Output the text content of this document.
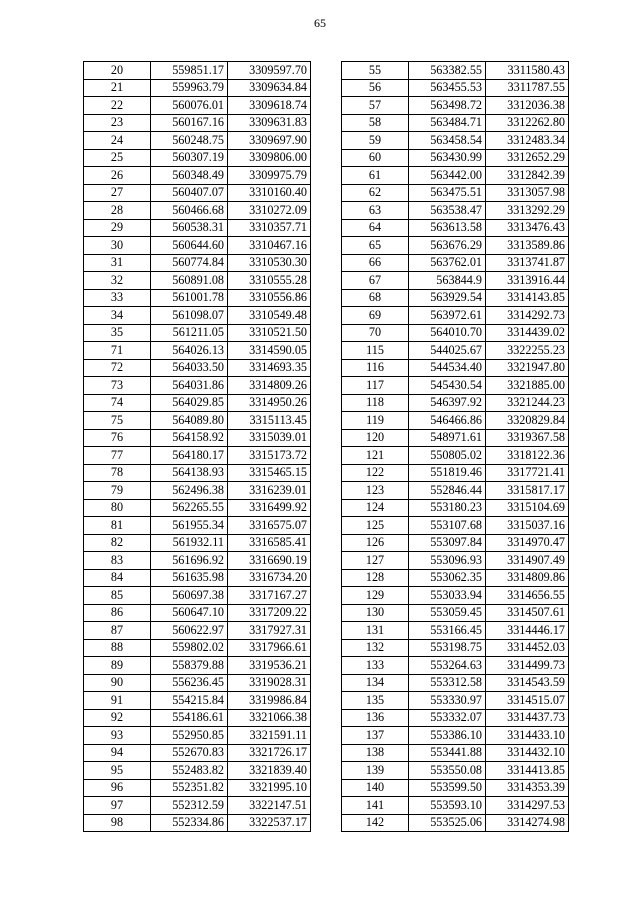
65
20	559851.17	3309597.70
21	559963.79	3309634.84
22	560076.01	3309618.74
23	560167.16	3309631.83
24	560248.75	3309697.90
25	560307.19	3309806.00
26	560348.49	3309975.79
27	560407.07	3310160.40
28	560466.68	3310272.09
29	560538.31	3310357.71
30	560644.60	3310467.16
31	560774.84	3310530.30
32	560891.08	3310555.28
33	561001.78	3310556.86
34	561098.07	3310549.48
35	561211.05	3310521.50
71	564026.13	3314590.05
72	564033.50	3314693.35
73	564031.86	3314809.26
74	564029.85	3314950.26
75	564089.80	3315113.45
76	564158.92	3315039.01
77	564180.17	3315173.72
78	564138.93	3315465.15
79	562496.38	3316239.01
80	562265.55	3316499.92
81	561955.34	3316575.07
82	561932.11	3316585.41
83	561696.92	3316690.19
84	561635.98	3316734.20
85	560697.38	3317167.27
86	560647.10	3317209.22
87	560622.97	3317927.31
88	559802.02	3317966.61
89	558379.88	3319536.21
90	556236.45	3319028.31
91	554215.84	3319986.84
92	554186.61	3321066.38
93	552950.85	3321591.11
94	552670.83	3321726.17
95	552483.82	3321839.40
96	552351.82	3321995.10
97	552312.59	3322147.51
98	552334.86	3322537.17
55	563382.55	3311580.43
56	563455.53	3311787.55
57	563498.72	3312036.38
58	563484.71	3312262.80
59	563458.54	3312483.34
60	563430.99	3312652.29
61	563442.00	3312842.39
62	563475.51	3313057.98
63	563538.47	3313292.29
64	563613.58	3313476.43
65	563676.29	3313589.86
66	563762.01	3313741.87
67	563844.9	3313916.44
68	563929.54	3314143.85
69	563972.61	3314292.73
70	564010.70	3314439.02
115	544025.67	3322255.23
116	544534.40	3321947.80
117	545430.54	3321885.00
118	546397.92	3321244.23
119	546466.86	3320829.84
120	548971.61	3319367.58
121	550805.02	3318122.36
122	551819.46	3317721.41
123	552846.44	3315817.17
124	553180.23	3315104.69
125	553107.68	3315037.16
126	553097.84	3314970.47
127	553096.93	3314907.49
128	553062.35	3314809.86
129	553033.94	3314656.55
130	553059.45	3314507.61
131	553166.45	3314446.17
132	553198.75	3314452.03
133	553264.63	3314499.73
134	553312.58	3314543.59
135	553330.97	3314515.07
136	553332.07	3314437.73
137	553386.10	3314433.10
138	553441.88	3314432.10
139	553550.08	3314413.85
140	553599.50	3314353.39
141	553593.10	3314297.53
142	553525.06	3314274.98
